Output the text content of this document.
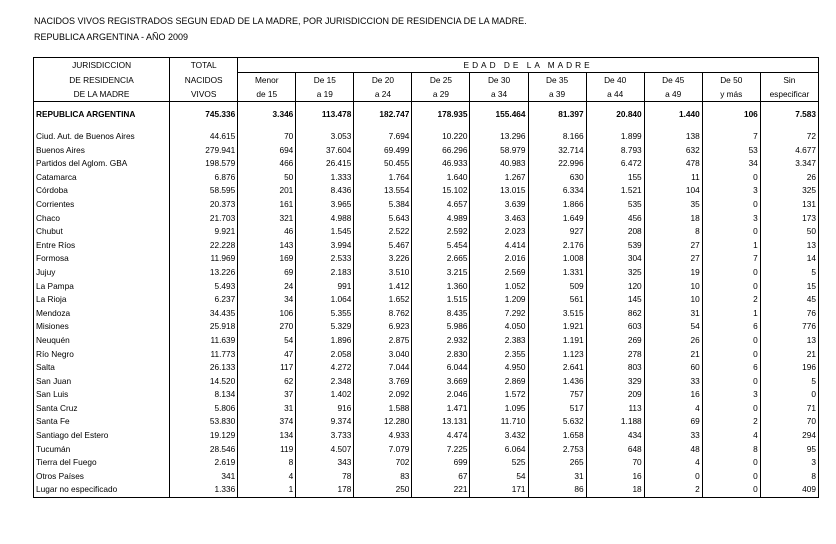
NACIDOS VIVOS REGISTRADOS SEGUN EDAD DE LA MADRE, POR JURISDICCION DE RESIDENCIA DE LA MADRE.
REPUBLICA ARGENTINA - AÑO 2009
JURISDICCION	TOTAL	EDAD DE LA MADRE									
DE RESIDENCIA	NACIDOS	Menor	De 15	De 20	De 25	De 30	De 35	De 40	De 45	De 50	Sin
DE LA MADRE	VIVOS	de 15	a 19	a 24	a 29	a 34	a 39	a 44	a 49	y más	especificar

REPUBLICA ARGENTINA	745.336	3.346	113.478	182.747	178.935	155.464	81.397	20.840	1.440	106	7.583

Ciud. Aut. de Buenos Aires	44.615	70	3.053	7.694	10.220	13.296	8.166	1.899	138	7	72
Buenos Aires	279.941	694	37.604	69.499	66.296	58.979	32.714	8.793	632	53	4.677
Partidos del Aglom. GBA	198.579	466	26.415	50.455	46.933	40.983	22.996	6.472	478	34	3.347
Catamarca	6.876	50	1.333	1.764	1.640	1.267	630	155	11	0	26
Córdoba	58.595	201	8.436	13.554	15.102	13.015	6.334	1.521	104	3	325
Corrientes	20.373	161	3.965	5.384	4.657	3.639	1.866	535	35	0	131
Chaco	21.703	321	4.988	5.643	4.989	3.463	1.649	456	18	3	173
Chubut	9.921	46	1.545	2.522	2.592	2.023	927	208	8	0	50
Entre Ríos	22.228	143	3.994	5.467	5.454	4.414	2.176	539	27	1	13
Formosa	11.969	169	2.533	3.226	2.665	2.016	1.008	304	27	7	14
Jujuy	13.226	69	2.183	3.510	3.215	2.569	1.331	325	19	0	5
La Pampa	5.493	24	991	1.412	1.360	1.052	509	120	10	0	15
La Rioja	6.237	34	1.064	1.652	1.515	1.209	561	145	10	2	45
Mendoza	34.435	106	5.355	8.762	8.435	7.292	3.515	862	31	1	76
Misiones	25.918	270	5.329	6.923	5.986	4.050	1.921	603	54	6	776
Neuquén	11.639	54	1.896	2.875	2.932	2.383	1.191	269	26	0	13
Río Negro	11.773	47	2.058	3.040	2.830	2.355	1.123	278	21	0	21
Salta	26.133	117	4.272	7.044	6.044	4.950	2.641	803	60	6	196
San Juan	14.520	62	2.348	3.769	3.669	2.869	1.436	329	33	0	5
San Luis	8.134	37	1.402	2.092	2.046	1.572	757	209	16	3	0
Santa Cruz	5.806	31	916	1.588	1.471	1.095	517	113	4	0	71
Santa Fe	53.830	374	9.374	12.280	13.131	11.710	5.632	1.188	69	2	70
Santiago del Estero	19.129	134	3.733	4.933	4.474	3.432	1.658	434	33	4	294
Tucumán	28.546	119	4.507	7.079	7.225	6.064	2.753	648	48	8	95
Tierra del Fuego	2.619	8	343	702	699	525	265	70	4	0	3
Otros Países	341	4	78	83	67	54	31	16	0	0	8
Lugar no especificado	1.336	1	178	250	221	171	86	18	2	0	409
